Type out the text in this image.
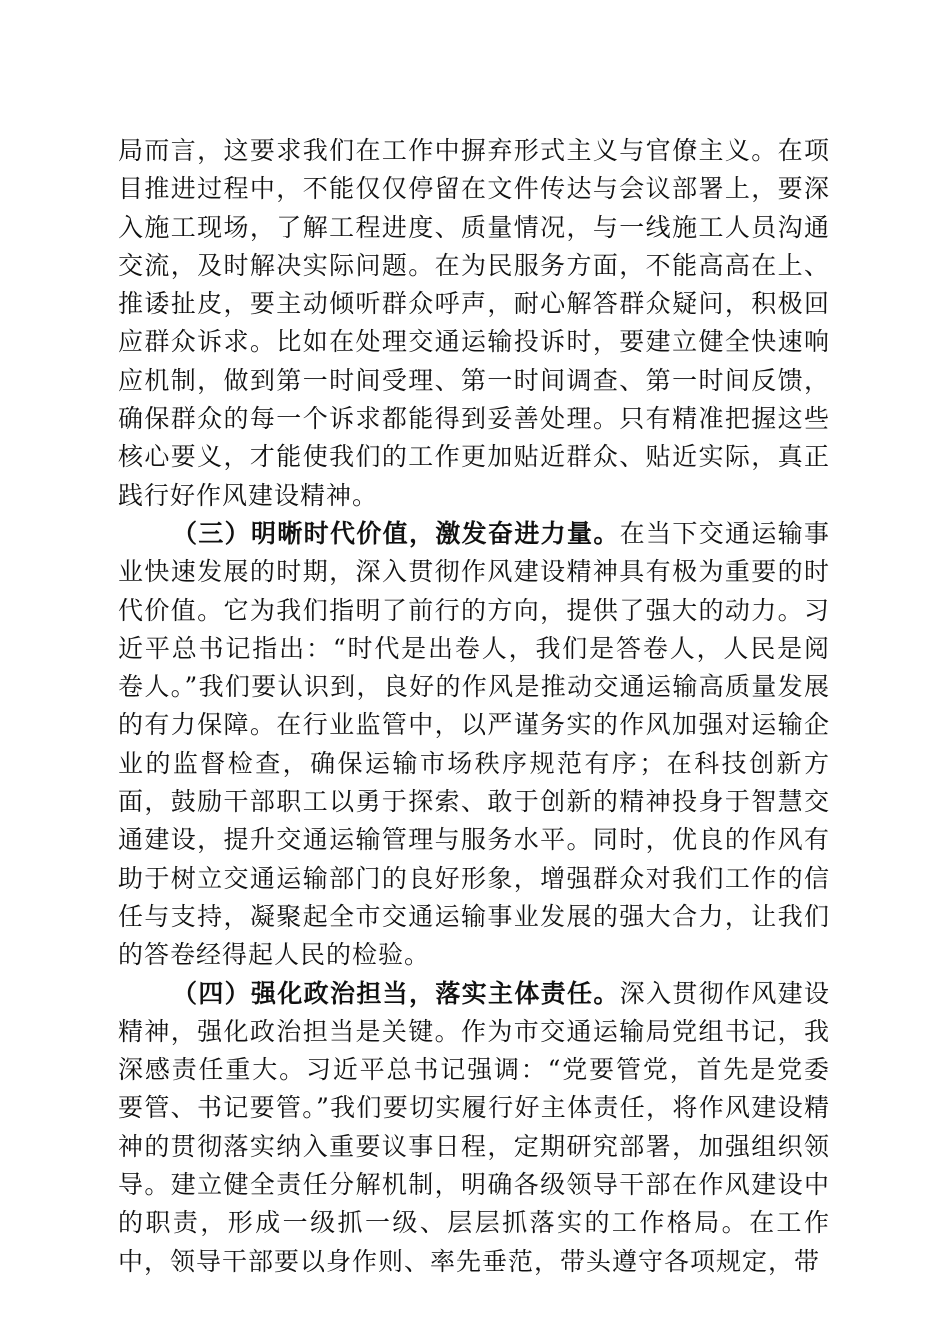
局而言，这要求我们在工作中摒弃形式主义与官僚主义。在项目推进过程中，不能仅仅停留在文件传达与会议部署上，要深入施工现场，了解工程进度、质量情况，与一线施工人员沟通交流，及时解决实际问题。在为民服务方面，不能高高在上、推诿扯皮，要主动倾听群众呼声，耐心解答群众疑问，积极回应群众诉求。比如在处理交通运输投诉时，要建立健全快速响应机制，做到第一时间受理、第一时间调查、第一时间反馈，确保群众的每一个诉求都能得到妥善处理。只有精准把握这些核心要义，才能使我们的工作更加贴近群众、贴近实际，真正践行好作风建设精神。

（三）明晰时代价值，激发奋进力量。在当下交通运输事业快速发展的时期，深入贯彻作风建设精神具有极为重要的时代价值。它为我们指明了前行的方向，提供了强大的动力。习近平总书记指出：“时代是出卷人，我们是答卷人，人民是阅卷人。”我们要认识到，良好的作风是推动交通运输高质量发展的有力保障。在行业监管中，以严谨务实的作风加强对运输企业的监督检查，确保运输市场秩序规范有序；在科技创新方面，鼓励干部职工以勇于探索、敢于创新的精神投身于智慧交通建设，提升交通运输管理与服务水平。同时，优良的作风有助于树立交通运输部门的良好形象，增强群众对我们工作的信任与支持，凝聚起全市交通运输事业发展的强大合力，让我们的答卷经得起人民的检验。

（四）强化政治担当，落实主体责任。深入贯彻作风建设精神，强化政治担当是关键。作为市交通运输局党组书记，我深感责任重大。习近平总书记强调：“党要管党，首先是党委要管、书记要管。”我们要切实履行好主体责任，将作风建设精神的贯彻落实纳入重要议事日程，定期研究部署，加强组织领导。建立健全责任分解机制，明确各级领导干部在作风建设中的职责，形成一级抓一级、层层抓落实的工作格局。在工作中，领导干部要以身作则、率先垂范，带头遵守各项规定，带
